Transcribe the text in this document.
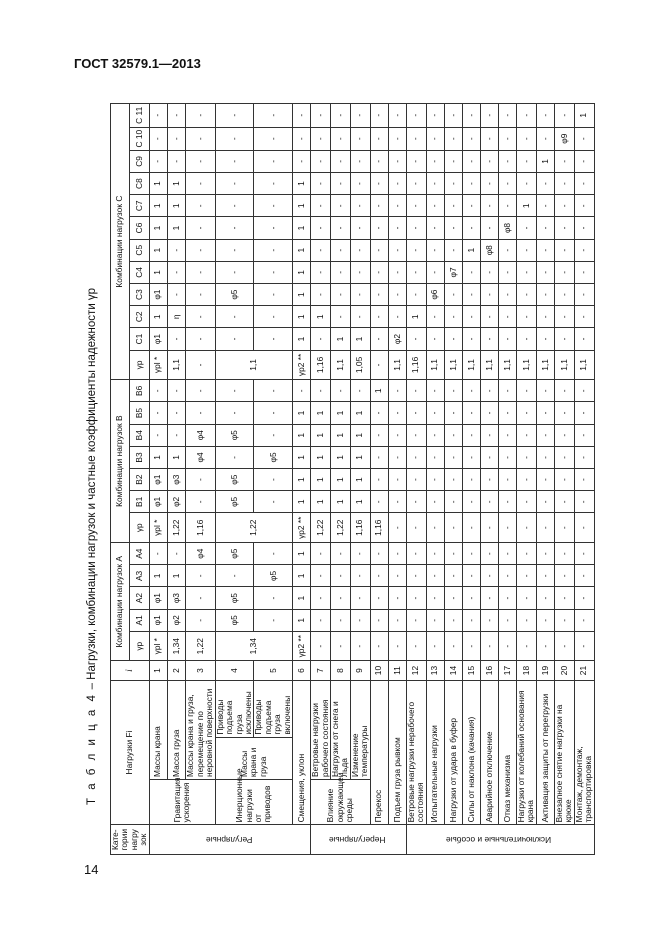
ГОСТ 32579.1—2013
14
Т а б л и ц а 4 – Нагрузки, комбинации нагрузок и частные коэффициенты надежности γp
Кате-гории нагру зок	Нагрузки Fi			i	Комбинации нагрузок А					Комбинации нагрузок B							Комбинации нагрузок C											
					γp	A1	A2	A3	A4	γp	B1	B2	B3	B4	B5	B6	γp	C1	C2	C3	C4	C5	C6	C7	C8	C9	C 10	C 11
Регулярные	Гравитация ускорения	Массы крана		1	γpl *	φ1	φ1	1	-	γpl *	φ1	φ1	1	-	-	-	γpl *	φ1	1	φ1	1	1	1	1	1	-	-	-
		Масса груза		2	1,34	φ2	φ3	1	-	1,22	φ2	φ3	1	-	-	-	1,1	-	η	-	-	-	1	1	1	-	-	-
		Массы крана и груза, перемещение по неровной поверхности		3	1,22	-	-	-	φ4	1,16	-	-	φ4	φ4	-	-	-	-	-	-	-	-	-	-	-	-	-	-
	Инерционные нагрузки от приводов	Массы крана и груза	Приводы подъема груза исключены	4	1,34	φ5	φ5	-	φ5	1,22	φ5	φ5	-	φ5	-	-	1,1	-	-	φ5	-	-	-	-	-	-	-	-
			Приводы подъема груза включены	5		-	-	φ5	-		-	-	φ5	-	-	-		-	-	-	-	-	-	-	-	-	-	-
	Смещения, уклон			6	γp2 **	1	1	1	1	γp2 **	1	1	1	1	1	-	γp2 **	1	1	1	1	1	1	1	1	-	-	-
Нерегулярные	Влияние окружающей среды	Ветровые нагрузки рабочего состояния		7	-	-	-	-	-	1,22	1	1	1	1	1	-	1,16	-	1	-	-	-	-	-	-	-	-	-
		Нагрузки от снега и льда		8	-	-	-	-	-	1,22	1	1	1	1	1	-	1,1	1	-	-	-	-	-	-	-	-	-	-
		Изменение температуры		9	-	-	-	-	-	1,16	1	1	1	1	1	-	1,05	1	-	-	-	-	-	-	-	-	-	-
	Перекос			10	-	-	-	-	-	1,16	-	-	-	-	-	1	-	-	-	-	-	-	-	-	-	-	-	-
	Подъем груза рывком			11	-	-	-	-	-	-	-	-	-	-	-	-	1,1	φ2	-	-	-	-	-	-	-	-	-	-
Исключительные и особые	Ветровые нагрузки нерабочего состояния			12	-	-	-	-	-	-	-	-	-	-	-	-	1,16	-	1	-	-	-	-	-	-	-	-	-
	Испытательные нагрузки			13	-	-	-	-	-	-	-	-	-	-	-	-	1,1	-	-	φ6	-	-	-	-	-	-	-	-
	Нагрузки от удара в буфер			14	-	-	-	-	-	-	-	-	-	-	-	-	1,1	-	-	-	φ7	-	-	-	-	-	-	-
	Силы от наклона (качания)			15	-	-	-	-	-	-	-	-	-	-	-	-	1,1	-	-	-	-	1	-	-	-	-	-	-
	Аварийное отключение			16	-	-	-	-	-	-	-	-	-	-	-	-	1,1	-	-	-	-	φ8	-	-	-	-	-	-
	Отказ механизма			17	-	-	-	-	-	-	-	-	-	-	-	-	1,1	-	-	-	-	-	φ8	-	-	-	-	-
	Нагрузки от колебаний основания крана			18	-	-	-	-	-	-	-	-	-	-	-	-	1,1	-	-	-	-	-	-	1	-	-	-	-
	Активация защиты от перегрузки			19	-	-	-	-	-	-	-	-	-	-	-	-	1,1	-	-	-	-	-	-	-	-	1	-	-
	Внезапное снятие нагрузки на крюке			20	-	-	-	-	-	-	-	-	-	-	-	-	1,1	-	-	-	-	-	-	-	-	-	φ9	-
	Монтаж, демонтаж, транспортировка			21	-	-	-	-	-	-	-	-	-	-	-	-	1,1	-	-	-	-	-	-	-	-	-	-	1
